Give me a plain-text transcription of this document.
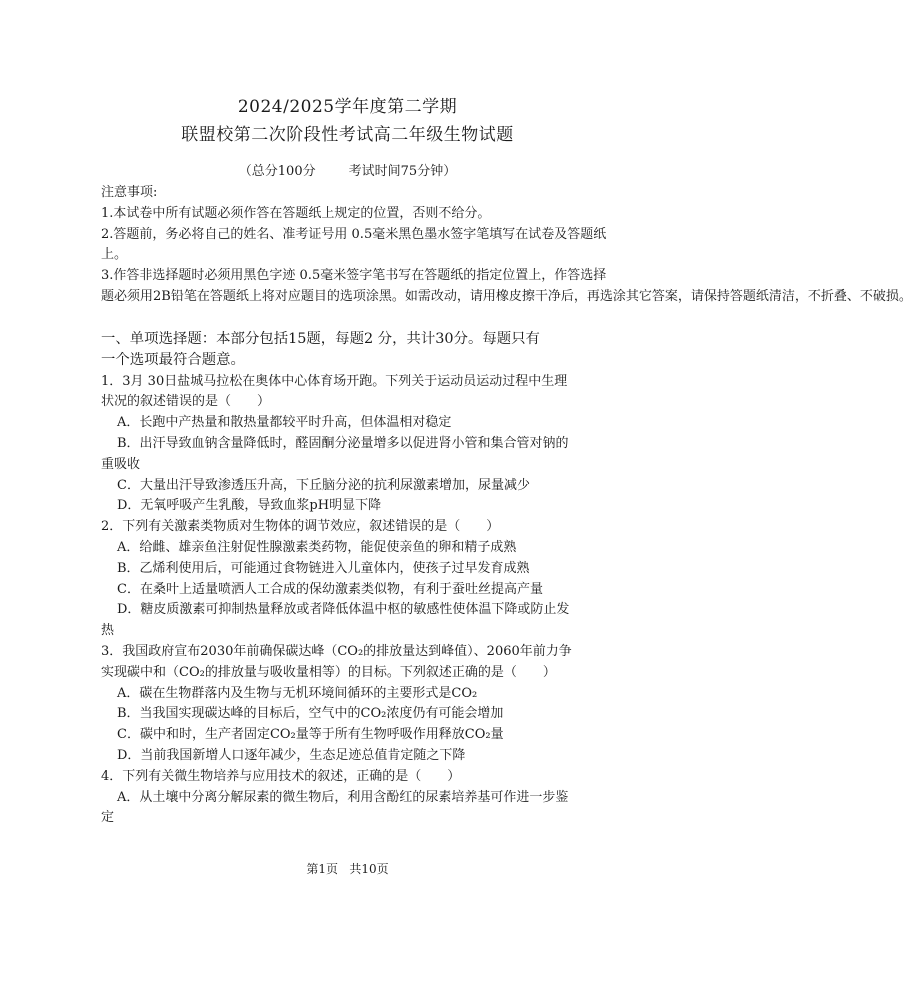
2024/2025学年度第二学期
联盟校第二次阶段性考试高二年级生物试题
（总分100分        考试时间75分钟）
注意事项:
1.本试卷中所有试题必须作答在答题纸上规定的位置，否则不给分。
2.答题前，务必将自己的姓名、准考证号用 0.5毫米黑色墨水签字笔填写在试卷及答题纸
上。
3.作答非选择题时必须用黑色字迹 0.5毫米签字笔书写在答题纸的指定位置上，作答选择
题必须用2B铅笔在答题纸上将对应题目的选项涂黑。如需改动，请用橡皮擦干净后，再选涂其它答案，请保持答题纸清洁，不折叠、不破损。
一、单项选择题：本部分包括15题，每题2 分，共计30分。每题只有
一个选项最符合题意。
1．3月 30日盐城马拉松在奥体中心体育场开跑。下列关于运动员运动过程中生理
状况的叙述错误的是（　　）
A．长跑中产热量和散热量都较平时升高，但体温相对稳定
B．出汗导致血钠含量降低时，醛固酮分泌量增多以促进肾小管和集合管对钠的
重吸收
C．大量出汗导致渗透压升高，下丘脑分泌的抗利尿激素增加，尿量减少
D．无氧呼吸产生乳酸，导致血浆pH明显下降
2．下列有关激素类物质对生物体的调节效应，叙述错误的是（　　）
A．给雌、雄亲鱼注射促性腺激素类药物，能促使亲鱼的卵和精子成熟
B．乙烯利使用后，可能通过食物链进入儿童体内，使孩子过早发育成熟
C．在桑叶上适量喷洒人工合成的保幼激素类似物，有利于蚕吐丝提高产量
D．糖皮质激素可抑制热量释放或者降低体温中枢的敏感性使体温下降或防止发
热
3．我国政府宣布2030年前确保碳达峰（CO₂的排放量达到峰值）、2060年前力争
实现碳中和（CO₂的排放量与吸收量相等）的目标。下列叙述正确的是（　　）
A．碳在生物群落内及生物与无机环境间循环的主要形式是CO₂
B．当我国实现碳达峰的目标后，空气中的CO₂浓度仍有可能会增加
C．碳中和时，生产者固定CO₂量等于所有生物呼吸作用释放CO₂量
D．当前我国新增人口逐年减少，生态足迹总值肯定随之下降
4．下列有关微生物培养与应用技术的叙述，正确的是（　　）
A．从土壤中分离分解尿素的微生物后，利用含酚红的尿素培养基可作进一步鉴
定
第1页   共10页
